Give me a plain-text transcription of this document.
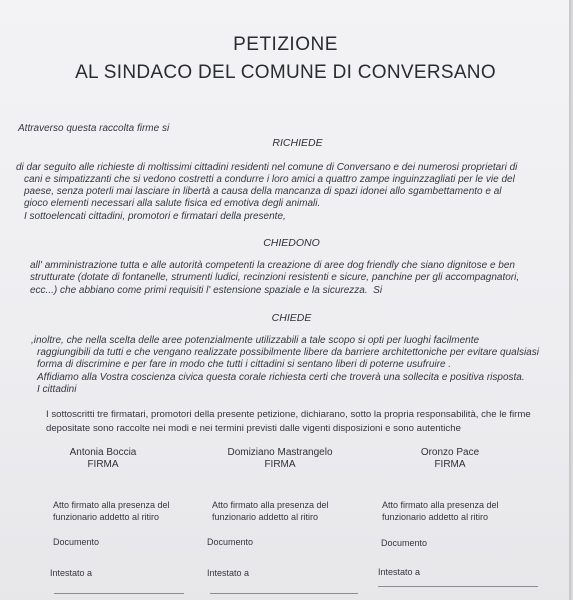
PETIZIONE
AL SINDACO DEL COMUNE DI CONVERSANO
Attraverso questa raccolta firme si
RICHIEDE
di dar seguito alle richieste di moltissimi cittadini residenti nel comune di Conversano e dei numerosi proprietari di
cani e simpatizzanti che si vedono costretti a condurre i loro amici a quattro zampe inguinzzagliati per le vie del
paese, senza poterli mai lasciare in libertà a causa della mancanza di spazi idonei allo sgambettamento e al
gioco elementi necessari alla salute fisica ed emotiva degli animali.
I sottoelencati cittadini, promotori e firmatari della presente,
CHIEDONO
all' amministrazione tutta e alle autorità competenti la creazione di aree dog friendly che siano dignitose e ben
strutturate (dotate di fontanelle, strumenti ludici, recinzioni resistenti e sicure, panchine per gli accompagnatori,
ecc...) che abbiano come primi requisiti l' estensione spaziale e la sicurezza.  Si
CHIEDE
,inoltre, che nella scelta delle aree potenzialmente utilizzabili a tale scopo si opti per luoghi facilmente
raggiungibili da tutti e che vengano realizzate possibilmente libere da barriere architettoniche per evitare qualsiasi
forma di discrimine e per fare in modo che tutti i cittadini si sentano liberi di poterne usufruire .
Affidiamo alla Vostra coscienza civica questa corale richiesta certi che troverà una sollecita e positiva risposta.
I cittadini
I sottoscritti tre firmatari, promotori della presente petizione, dichiarano, sotto la propria responsabilità, che le firme
depositate sono raccolte nei modi e nei termini previsti dalle vigenti disposizioni e sono autentiche
Antonia Boccia
FIRMA
Domiziano Mastrangelo
FIRMA
Oronzo Pace
FIRMA
Atto firmato alla presenza del
funzionario addetto al ritiro
Atto firmato alla presenza del
funzionario addetto al ritiro
Atto firmato alla presenza del
funzionario addetto al ritiro
Documento	Documento	Documento
Intestato a	Intestato a	Intestato a
